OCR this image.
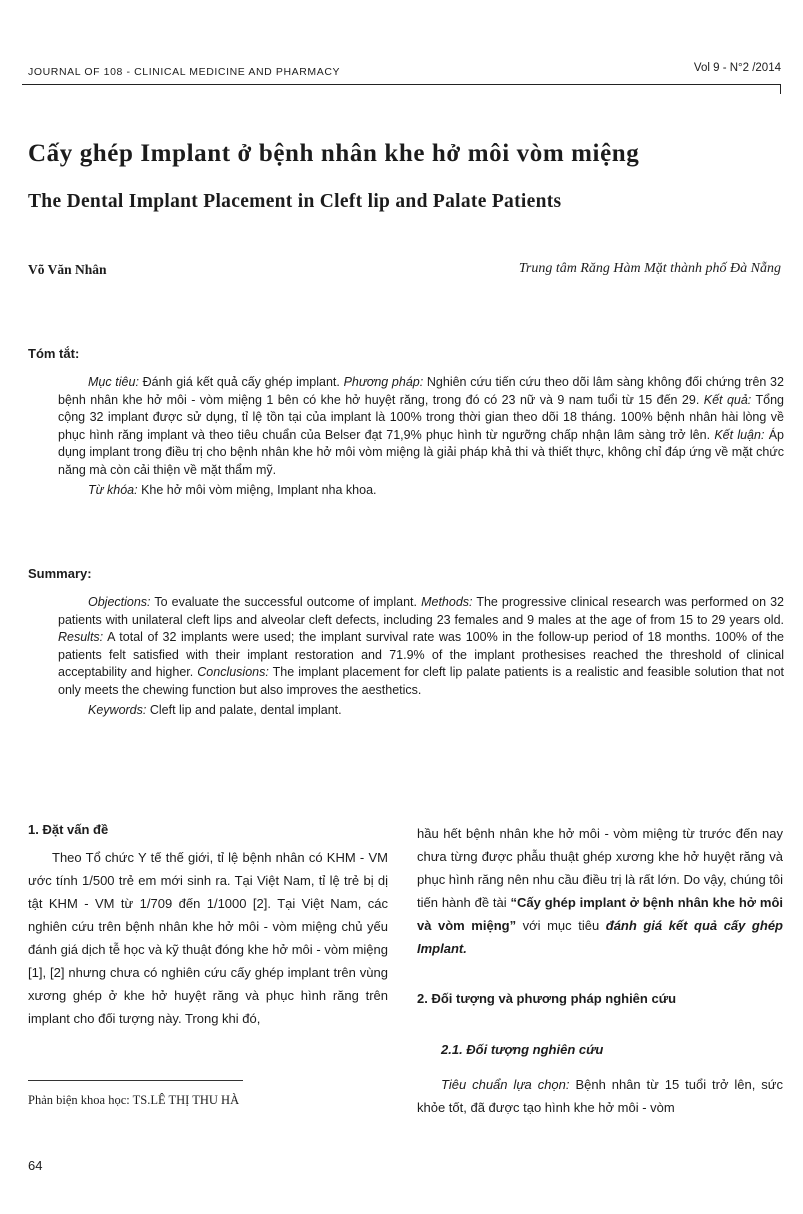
JOURNAL OF 108 - CLINICAL MEDICINE AND PHARMACY	Vol 9 - N°2 /2014
Cấy ghép Implant ở bệnh nhân khe hở môi vòm miệng
The Dental Implant Placement in Cleft lip and Palate Patients
Võ Văn Nhân	Trung tâm Răng Hàm Mặt thành phố Đà Nẵng
Tóm tắt:

Mục tiêu: Đánh giá kết quả cấy ghép implant. Phương pháp: Nghiên cứu tiến cứu theo dõi lâm sàng không đối chứng trên 32 bệnh nhân khe hở môi - vòm miệng 1 bên có khe hở huyệt răng, trong đó có 23 nữ và 9 nam tuổi từ 15 đến 29. Kết quả: Tổng cộng 32 implant được sử dụng, tỉ lệ tồn tại của implant là 100% trong thời gian theo dõi 18 tháng. 100% bệnh nhân hài lòng về phục hình răng implant và theo tiêu chuẩn của Belser đạt 71,9% phục hình từ ngưỡng chấp nhận lâm sàng trở lên. Kết luận: Áp dụng implant trong điều trị cho bệnh nhân khe hở môi vòm miệng là giải pháp khả thi và thiết thực, không chỉ đáp ứng về mặt chức năng mà còn cải thiện về mặt thẩm mỹ.

Từ khóa: Khe hở môi vòm miệng, Implant nha khoa.

Summary:

Objections: To evaluate the successful outcome of implant. Methods: The progressive clinical research was performed on 32 patients with unilateral cleft lips and alveolar cleft defects, including 23 females and 9 males at the age of from 15 to 29 years old. Results: A total of 32 implants were used; the implant survival rate was 100% in the follow-up period of 18 months. 100% of the patients felt satisfied with their implant restoration and 71.9% of the implant prothesises reached the threshold of clinical acceptability and higher. Conclusions: The implant placement for cleft lip palate patients is a realistic and feasible solution that not only meets the chewing function but also improves the aesthetics.

Keywords: Cleft lip and palate, dental implant.

1. Đặt vấn đề

Theo Tổ chức Y tế thế giới, tỉ lệ bệnh nhân có KHM - VM ước tính 1/500 trẻ em mới sinh ra. Tại Việt Nam, tỉ lệ trẻ bị dị tật KHM - VM từ 1/709 đến 1/1000 [2]. Tại Việt Nam, các nghiên cứu trên bệnh nhân khe hở môi - vòm miệng chủ yếu đánh giá dịch tễ học và kỹ thuật đóng khe hở môi - vòm miệng [1], [2] nhưng chưa có nghiên cứu cấy ghép implant trên vùng xương ghép ở khe hở huyệt răng và phục hình răng trên implant cho đối tượng này. Trong khi đó,

hầu hết bệnh nhân khe hở môi - vòm miệng từ trước đến nay chưa từng được phẫu thuật ghép xương khe hở huyệt răng và phục hình răng nên nhu cầu điều trị là rất lớn. Do vậy, chúng tôi tiến hành đề tài “Cấy ghép implant ở bệnh nhân khe hở môi và vòm miệng” với mục tiêu đánh giá kết quả cấy ghép Implant.

2. Đối tượng và phương pháp nghiên cứu
2.1. Đối tượng nghiên cứu

Tiêu chuẩn lựa chọn: Bệnh nhân từ 15 tuổi trở lên, sức khỏe tốt, đã được tạo hình khe hở môi - vòm

Phản biện khoa học: TS.LÊ THỊ THU HÀ
64
